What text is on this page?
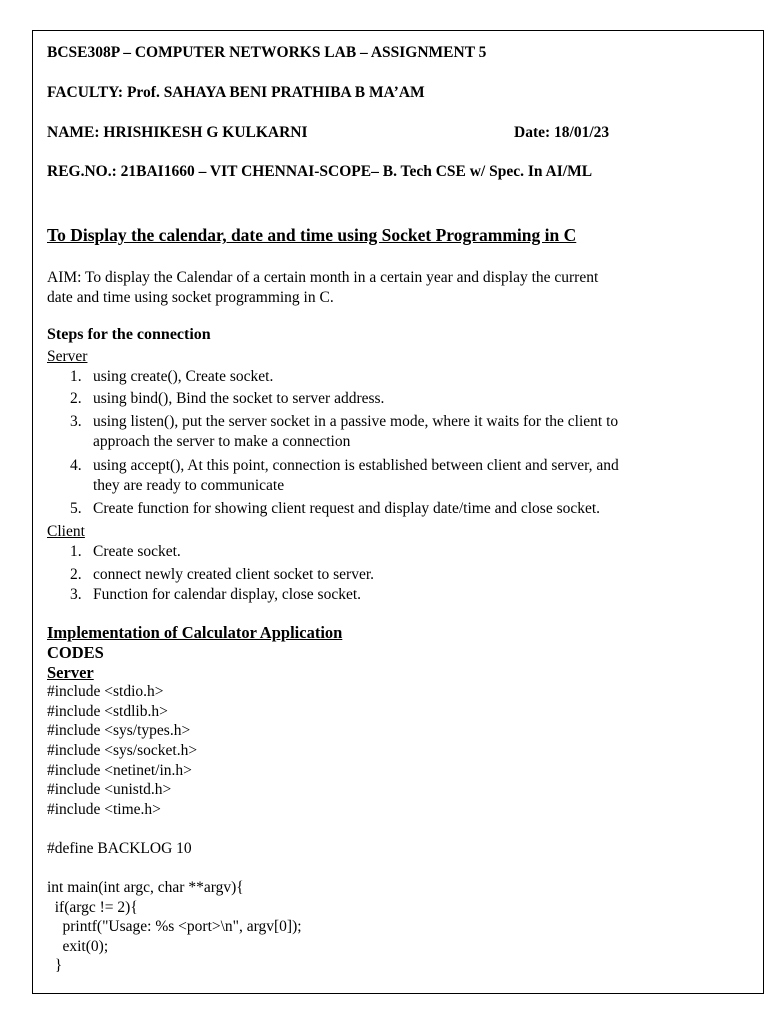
BCSE308P – COMPUTER NETWORKS LAB – ASSIGNMENT 5
FACULTY: Prof. SAHAYA BENI PRATHIBA B MA’AM
NAME: HRISHIKESH G KULKARNI	Date: 18/01/23
REG.NO.: 21BAI1660 – VIT CHENNAI-SCOPE– B. Tech CSE w/ Spec. In AI/ML
To Display the calendar, date and time using Socket Programming in C
AIM: To display the Calendar of a certain month in a certain year and display the current
date and time using socket programming in C.
Steps for the connection
Server
1. using create(), Create socket.
2. using bind(), Bind the socket to server address.
3. using listen(), put the server socket in a passive mode, where it waits for the client to
approach the server to make a connection
4. using accept(), At this point, connection is established between client and server, and
they are ready to communicate
5. Create function for showing client request and display date/time and close socket.
Client
1. Create socket.
2. connect newly created client socket to server.
3. Function for calendar display, close socket.
Implementation of Calculator Application
CODES
Server
#include <stdio.h>
#include <stdlib.h>
#include <sys/types.h>
#include <sys/socket.h>
#include <netinet/in.h>
#include <unistd.h>
#include <time.h>
#define BACKLOG 10
int main(int argc, char **argv){
if(argc != 2){
printf("Usage: %s <port>\n", argv[0]);
exit(0);
}
